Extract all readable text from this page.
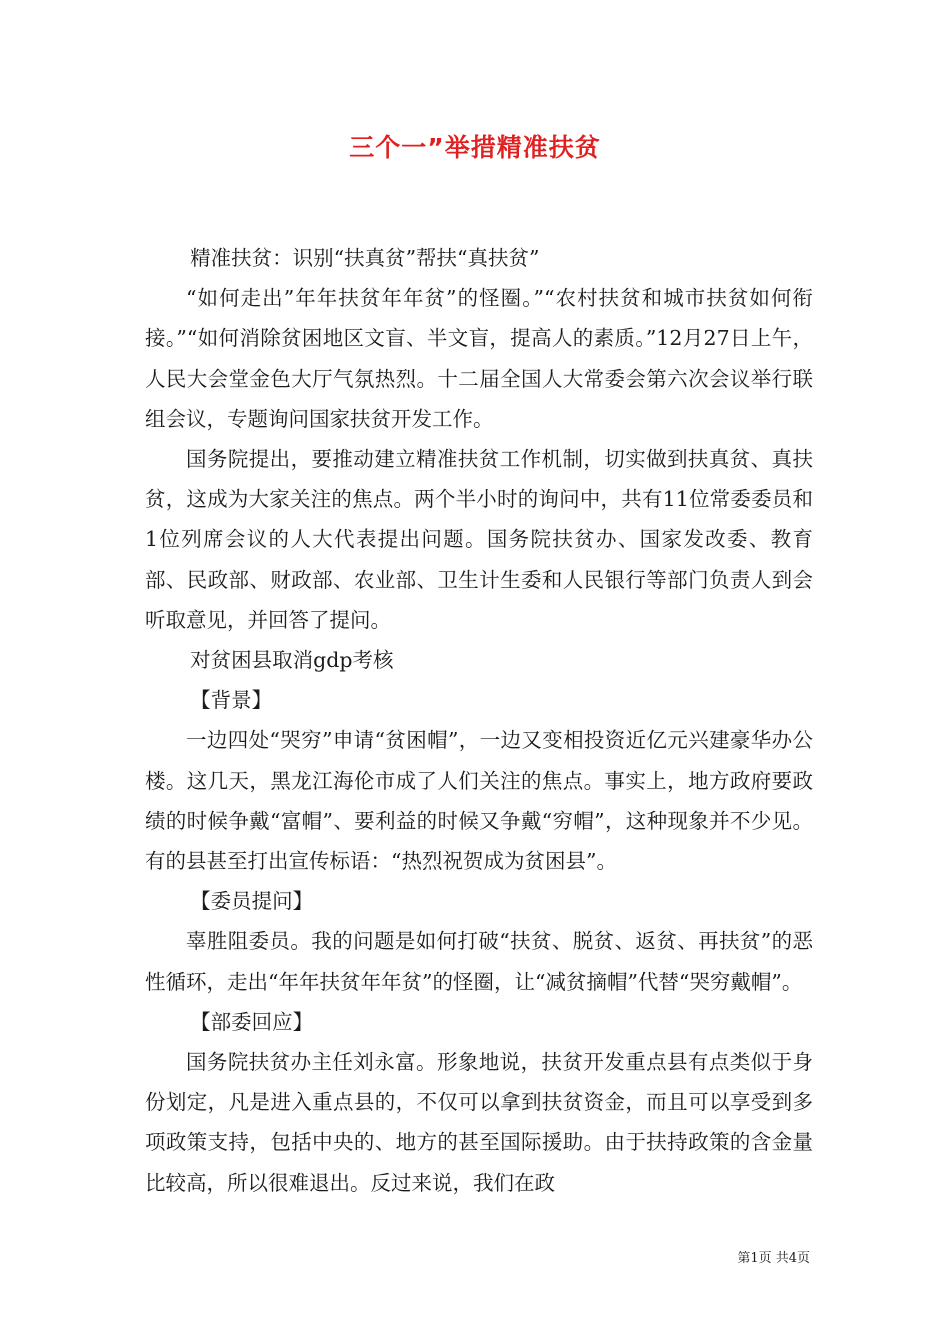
三个一”举措精准扶贫

精准扶贫：识别“扶真贫”帮扶“真扶贫”

“如何走出”年年扶贫年年贫”的怪圈。”“农村扶贫和城市扶贫如何衔接。”“如何消除贫困地区文盲、半文盲，提高人的素质。”12月27日上午，人民大会堂金色大厅气氛热烈。十二届全国人大常委会第六次会议举行联组会议，专题询问国家扶贫开发工作。

国务院提出，要推动建立精准扶贫工作机制，切实做到扶真贫、真扶贫，这成为大家关注的焦点。两个半小时的询问中，共有11位常委委员和1位列席会议的人大代表提出问题。国务院扶贫办、国家发改委、教育部、民政部、财政部、农业部、卫生计生委和人民银行等部门负责人到会听取意见，并回答了提问。

对贫困县取消gdp考核

【背景】

一边四处“哭穷”申请“贫困帽”，一边又变相投资近亿元兴建豪华办公楼。这几天，黑龙江海伦市成了人们关注的焦点。事实上，地方政府要政绩的时候争戴“富帽”、要利益的时候又争戴“穷帽”，这种现象并不少见。有的县甚至打出宣传标语：“热烈祝贺成为贫困县”。

【委员提问】

辜胜阻委员。我的问题是如何打破“扶贫、脱贫、返贫、再扶贫”的恶性循环，走出“年年扶贫年年贫”的怪圈，让“减贫摘帽”代替“哭穷戴帽”。

【部委回应】

国务院扶贫办主任刘永富。形象地说，扶贫开发重点县有点类似于身份划定，凡是进入重点县的，不仅可以拿到扶贫资金，而且可以享受到多项政策支持，包括中央的、地方的甚至国际援助。由于扶持政策的含金量比较高，所以很难退出。反过来说，我们在政

第1页 共4页
